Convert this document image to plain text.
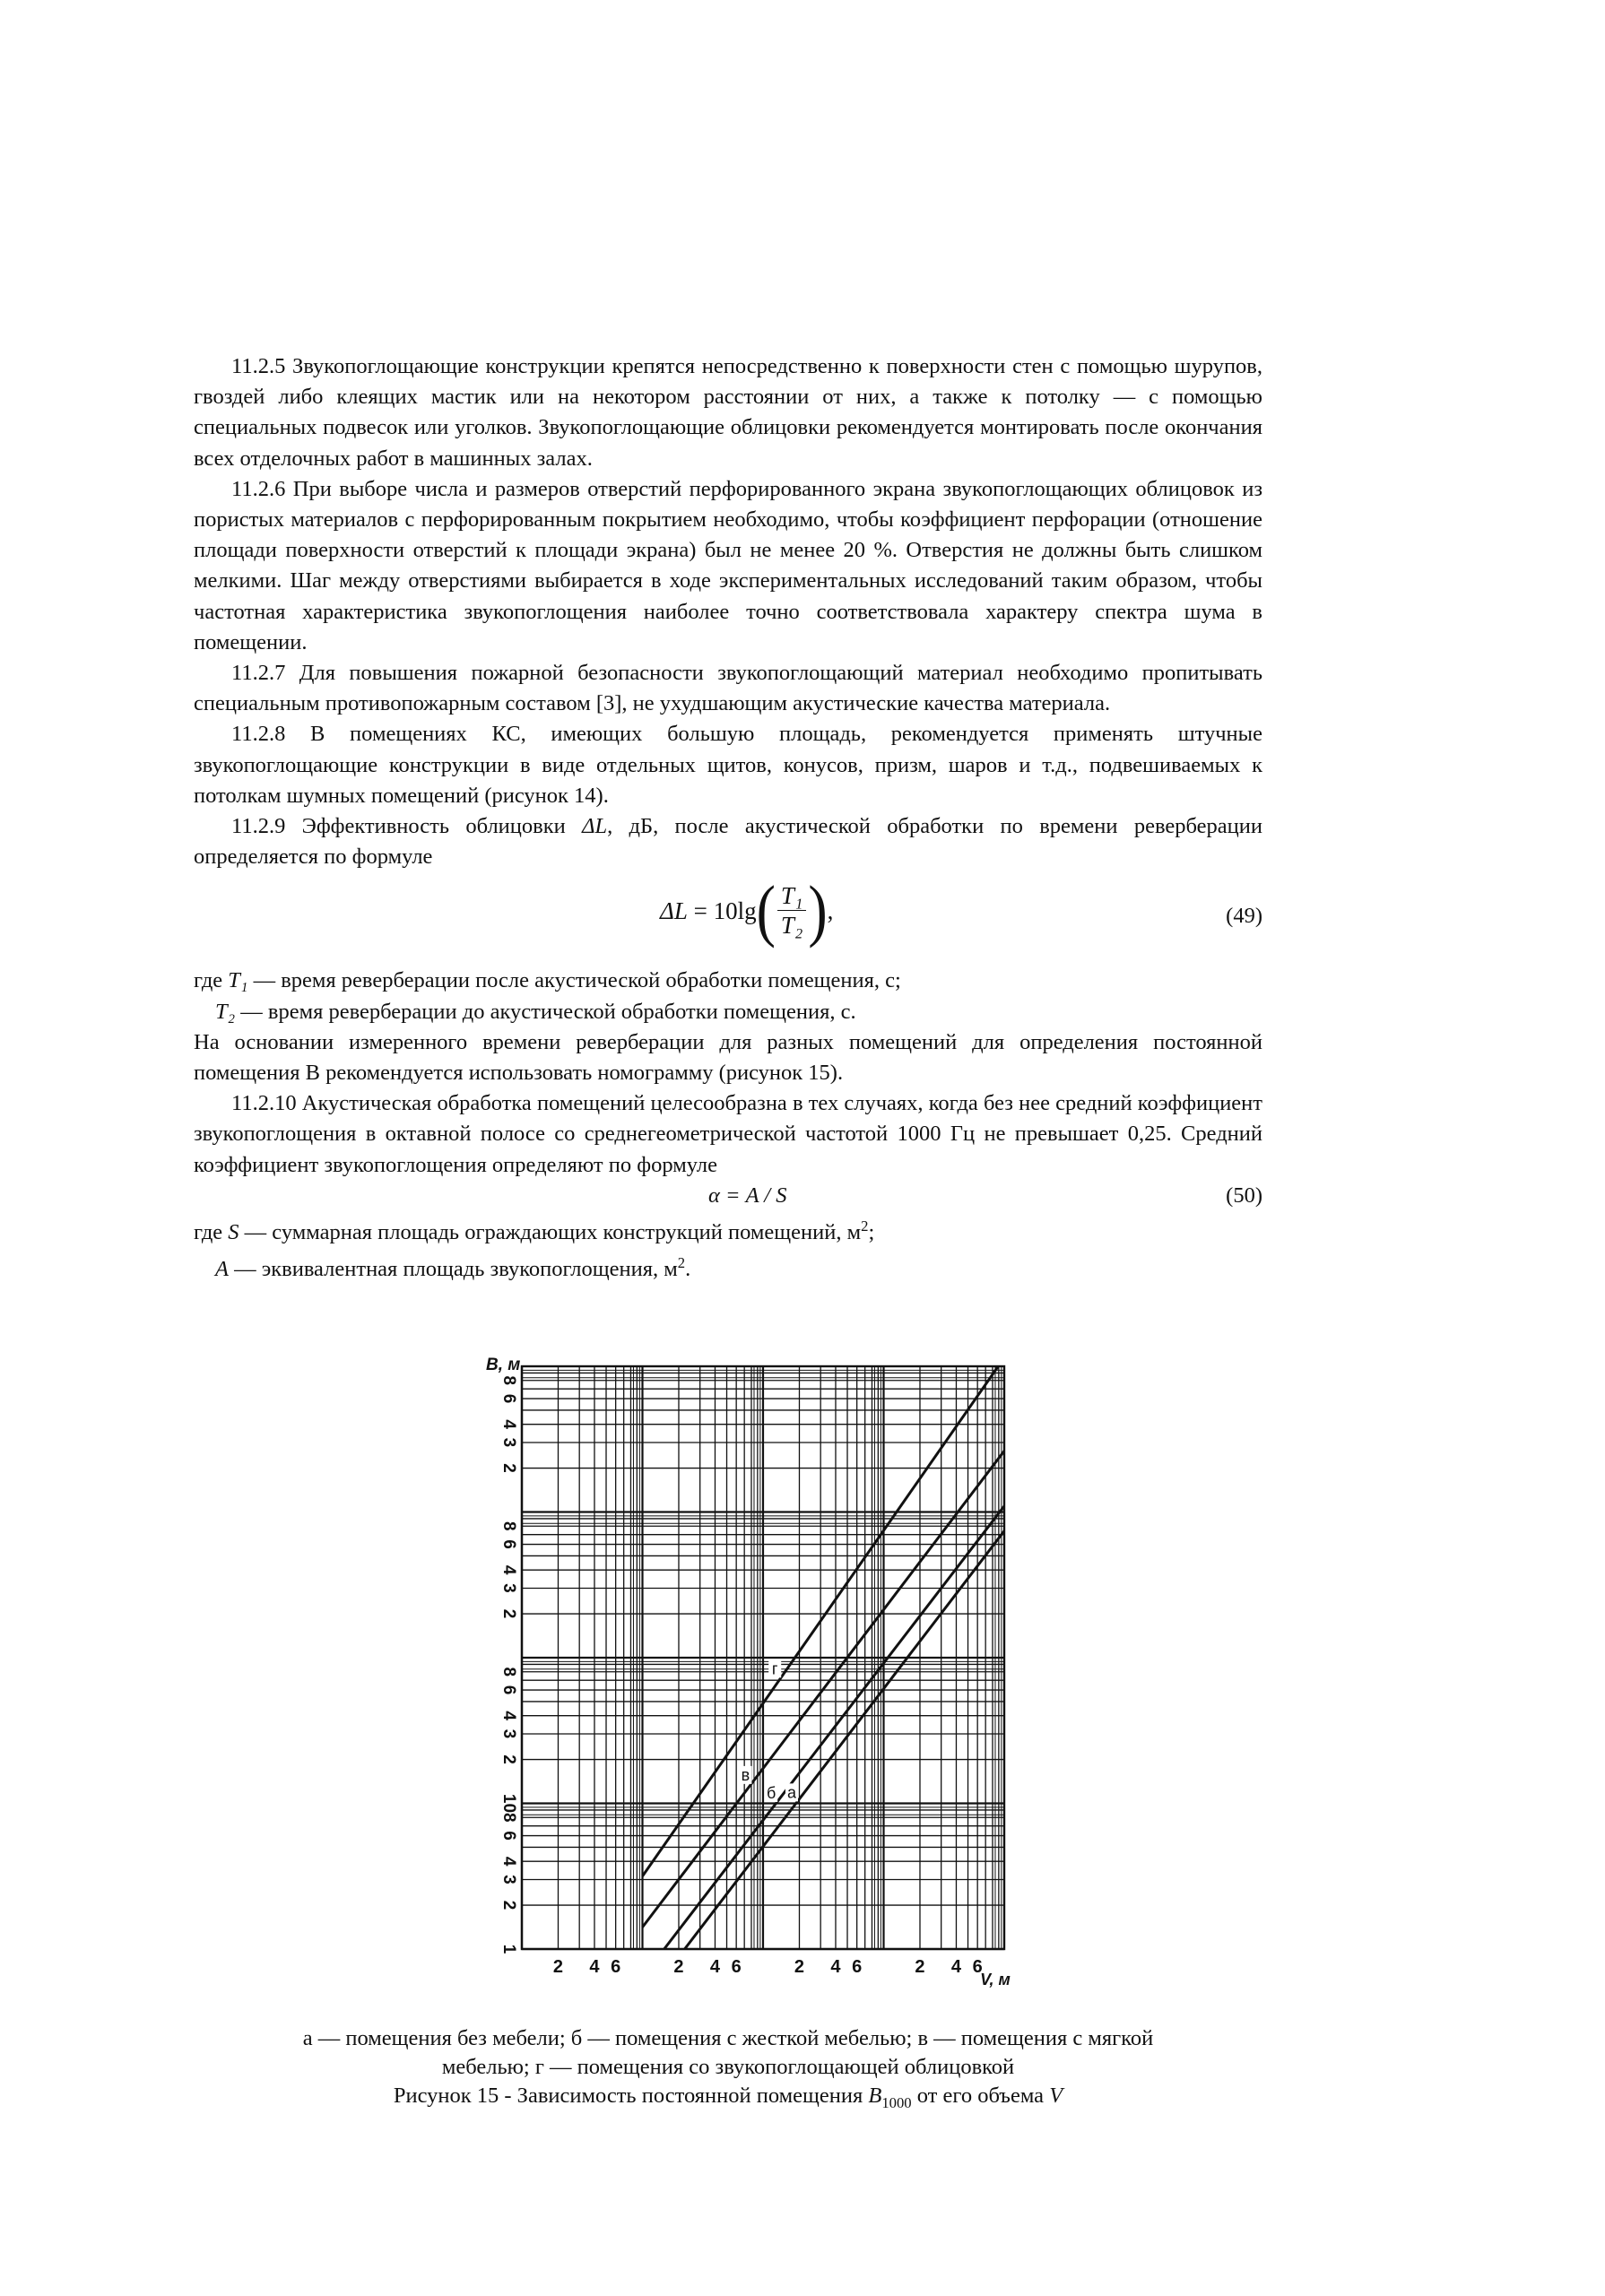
11.2.5 Звукопоглощающие конструкции крепятся непосредственно к поверхности стен с помощью шурупов, гвоздей либо клеящих мастик или на некотором расстоянии от них, а также к потолку — с помощью специальных подвесок или уголков. Звукопоглощающие облицовки рекомендуется монтировать после окончания всех отделочных работ в машинных залах.

11.2.6 При выборе числа и размеров отверстий перфорированного экрана звукопоглощающих облицовок из пористых материалов с перфорированным покрытием необходимо, чтобы коэффициент перфорации (отношение площади поверхности отверстий к площади экрана) был не менее 20 %. Отверстия не должны быть слишком мелкими. Шаг между отверстиями выбирается в ходе экспериментальных исследований таким образом, чтобы частотная характеристика звукопоглощения наиболее точно соответствовала характеру спектра шума в помещении.

11.2.7 Для повышения пожарной безопасности звукопоглощающий материал необходимо пропитывать специальным противопожарным составом [3], не ухудшающим акустические качества материала.

11.2.8 В помещениях КС, имеющих большую площадь, рекомендуется применять штучные звукопоглощающие конструкции в виде отдельных щитов, конусов, призм, шаров и т.д., подвешиваемых к потолкам шумных помещений (рисунок 14).

11.2.9 Эффективность облицовки ΔL, дБ, после акустической обработки по времени реверберации определяется по формуле

ΔL = 10lg ( $\frac{\text{T₁}}{\text{T₂}}$ ) ,	(49)

где T₁ — время реверберации после акустической обработки помещения, с;

T₂ — время реверберации до акустической обработки помещения, с.

На основании измеренного времени реверберации для разных помещений для определения постоянной помещения В рекомендуется использовать номограмму (рисунок 15).

11.2.10 Акустическая обработка помещений целесообразна в тех случаях, когда без нее средний коэффициент звукопоглощения в октавной полосе со среднегеометрической частотой 1000 Гц не превышает 0,25. Средний коэффициент звукопоглощения определяют по формуле

α = A / S	(50)

где S — суммарная площадь ограждающих конструкций помещений, $м^2$;

A — эквивалентная площадь звукопоглощения, $м^2$.

а
б
в
г
1
2
3
4
6
8
10
2
3
4
6
8
2
3
4
6
8
2
3
4
6
8
B, м
2 4 6	2 4 6	2 4 6	2 4 6
V, м
а — помещения без мебели; б — помещения с жесткой мебелью; в — помещения с мягкой
мебелью; г — помещения со звукопоглощающей облицовкой
Рисунок 15 - Зависимость постоянной помещения $B_{1000}$ от его объема V
